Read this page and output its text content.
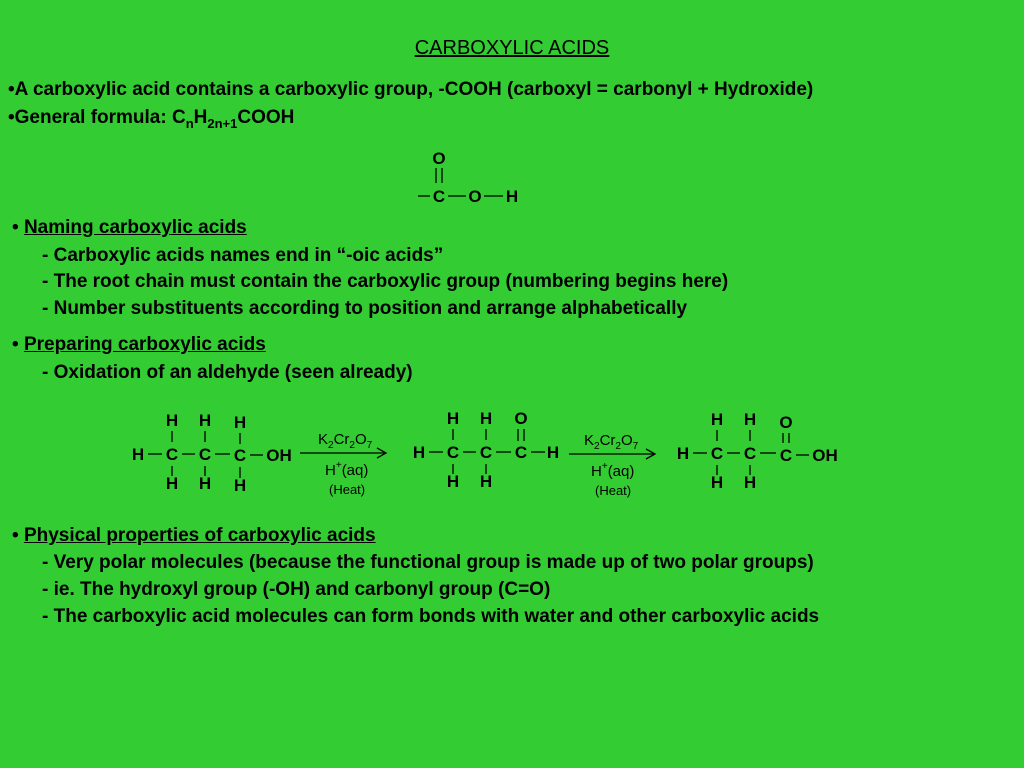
CARBOXYLIC ACIDS
•A carboxylic acid contains a carboxylic group, -COOH (carboxyl = carbonyl + Hydroxide)
•General formula: $C_nH_{2n+1}COOH$
• Naming carboxylic acids
- Carboxylic acids names end in “-oic acids”
- The root chain must contain the carboxylic group (numbering begins here)
- Number substituents according to position and arrange alphabetically
• Preparing carboxylic acids
- Oxidation of an aldehyde (seen already)
• Physical properties of carboxylic acids
- Very polar molecules (because the functional group is made up of two polar groups)
- ie. The hydroxyl group (-OH) and carbonyl group (C=O)
- The carboxylic acid molecules can form bonds with water and other carboxylic acids
O
C O H
H H H
H C C C OH
H H H
$K_2Cr_2O_7$
H+(aq)
(Heat)
H H O
H C C C H
H H
$K_2Cr_2O_7$
H+(aq)
(Heat)
H H O
H C C C OH
H H
